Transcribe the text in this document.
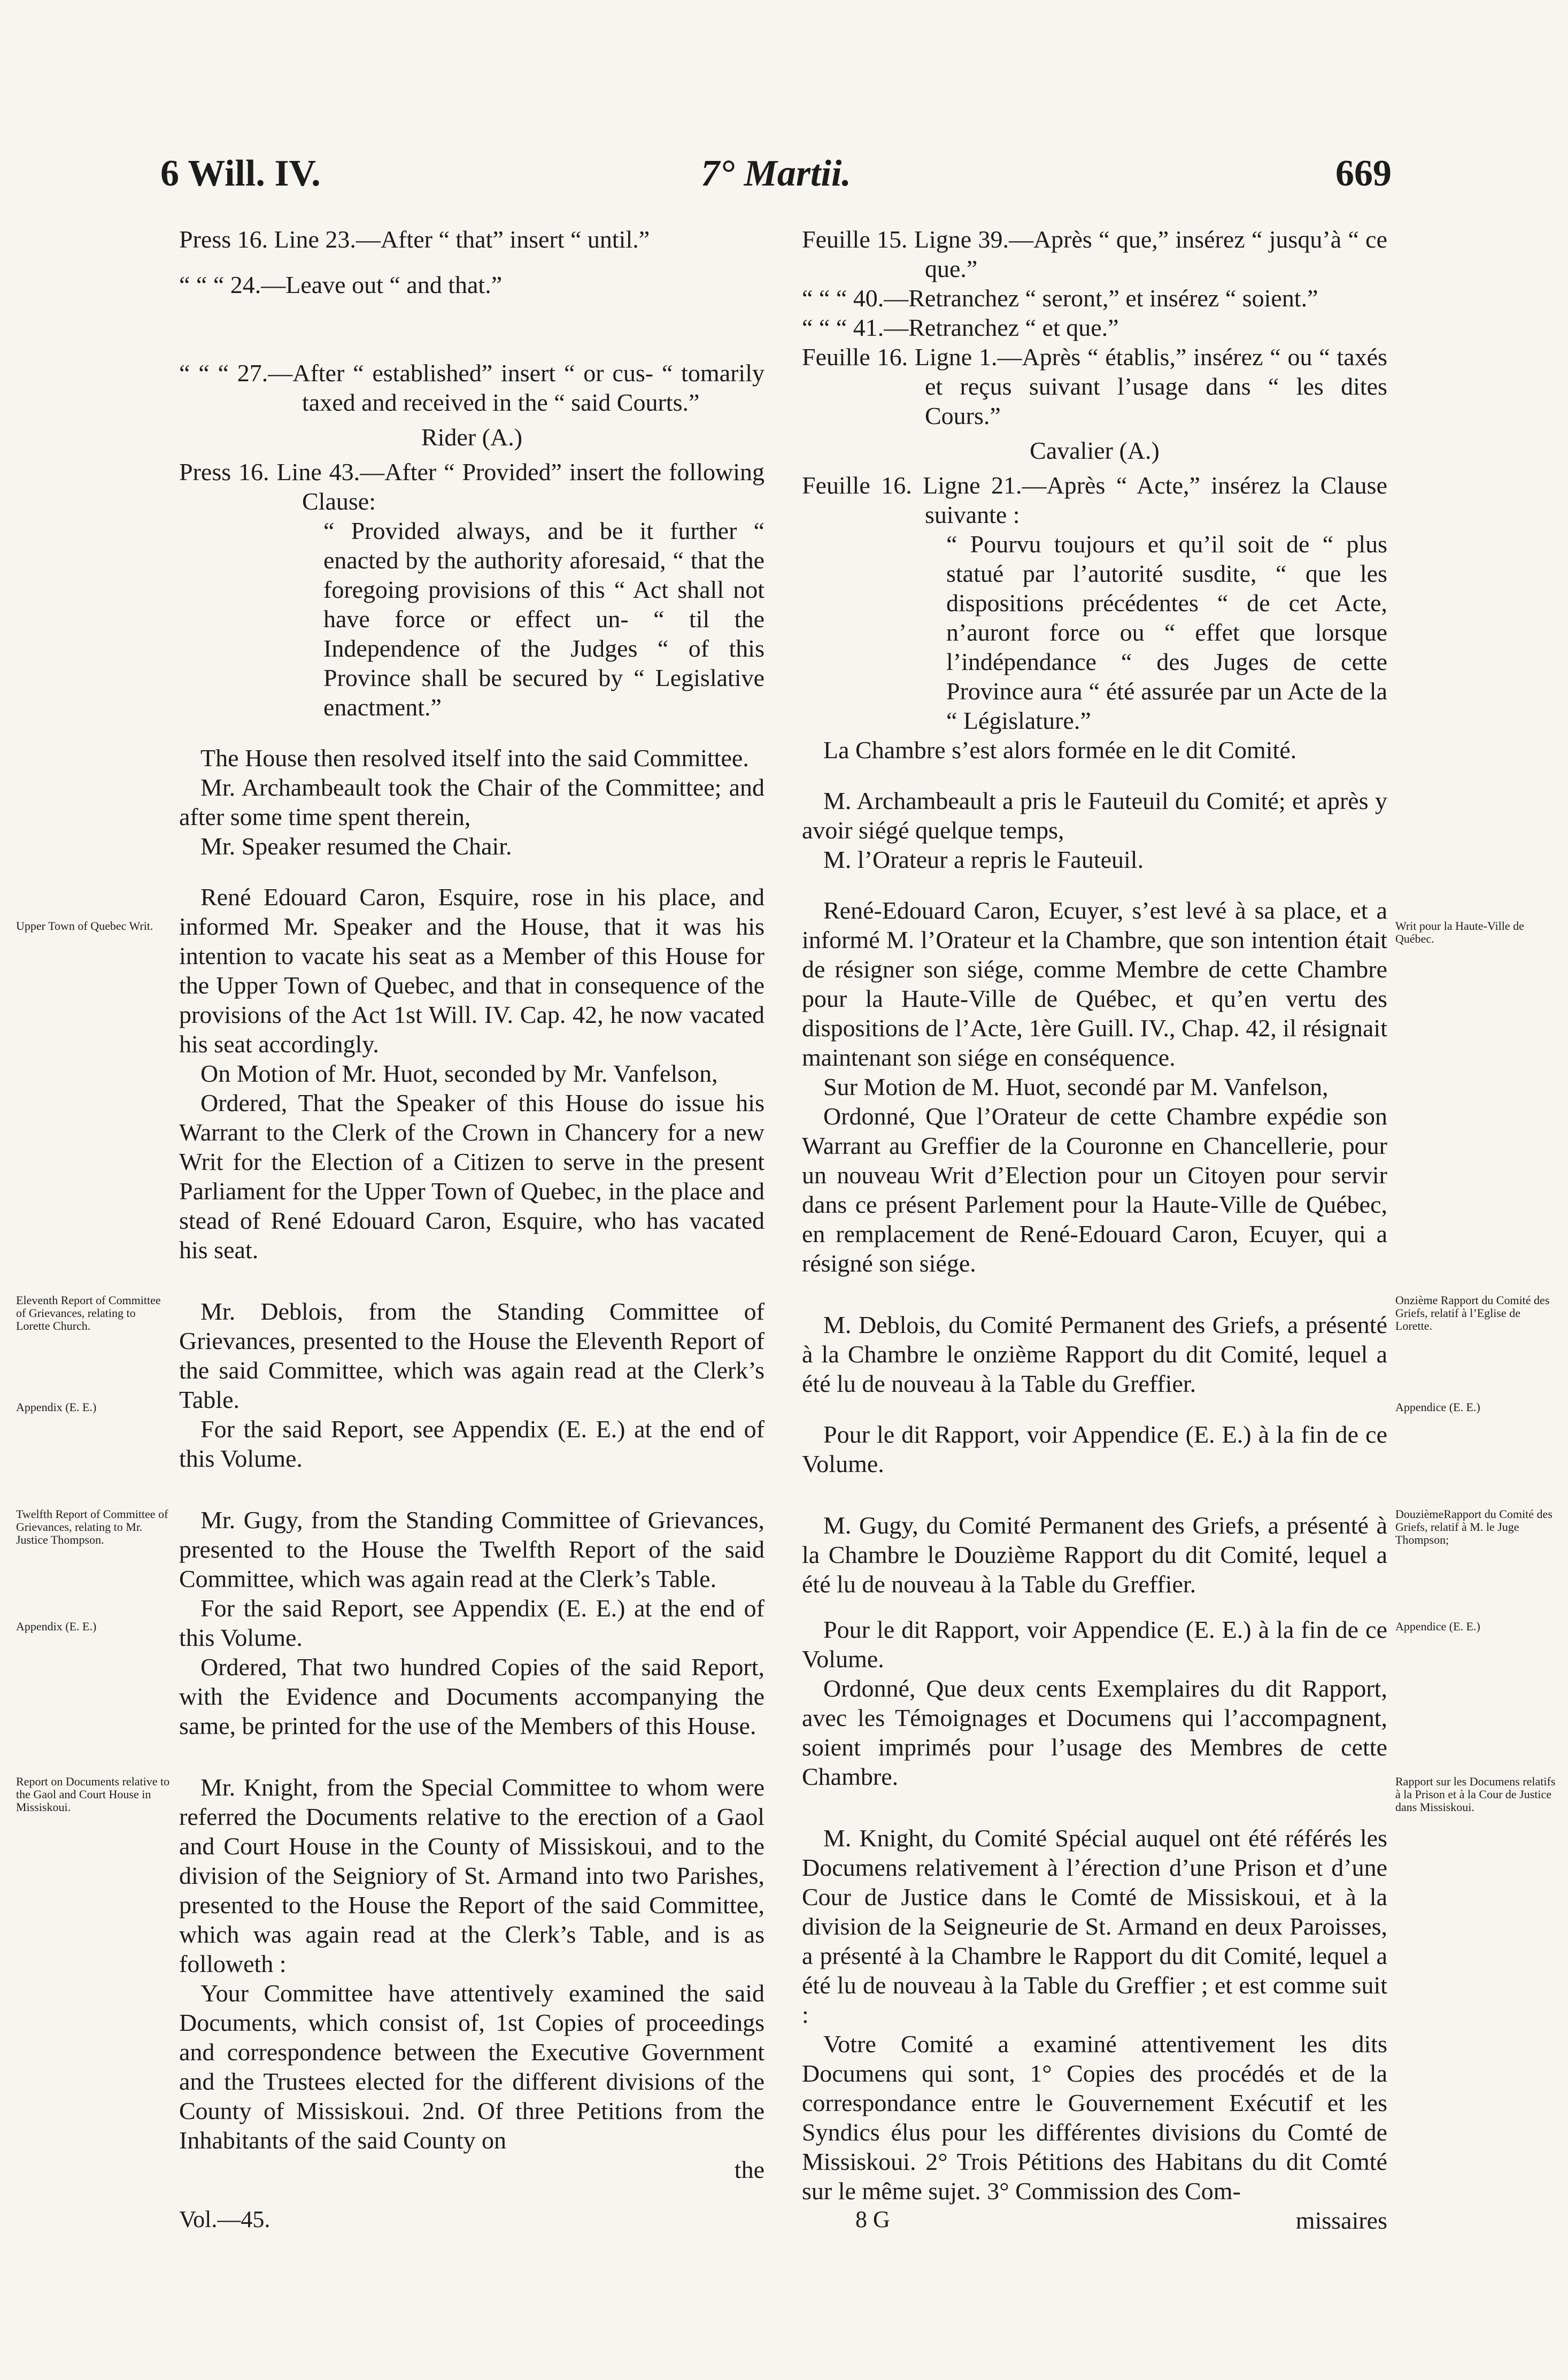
6 Will. IV.	7° Martii.	669

Press 16. Line 23.—After “ that” insert “ until.”

“ “ “ 24.—Leave out “ and that.”

“ “ “ 27.—After “ established” insert “ or cus- “ tomarily taxed and received in the “ said Courts.”

Rider (A.)

Press 16. Line 43.—After “ Provided” insert the following Clause:

“ Provided always, and be it further “ enacted by the authority aforesaid, “ that the foregoing provisions of this “ Act shall not have force or effect un- “ til the Independence of the Judges “ of this Province shall be secured by “ Legislative enactment.”

The House then resolved itself into the said Committee.

Mr. Archambeault took the Chair of the Committee; and after some time spent therein,

Mr. Speaker resumed the Chair.

René Edouard Caron, Esquire, rose in his place, and informed Mr. Speaker and the House, that it was his intention to vacate his seat as a Member of this House for the Upper Town of Quebec, and that in consequence of the provisions of the Act 1st Will. IV. Cap. 42, he now vacated his seat accordingly.

On Motion of Mr. Huot, seconded by Mr. Vanfelson,

Ordered, That the Speaker of this House do issue his Warrant to the Clerk of the Crown in Chancery for a new Writ for the Election of a Citizen to serve in the present Parliament for the Upper Town of Quebec, in the place and stead of René Edouard Caron, Esquire, who has vacated his seat.

Mr. Deblois, from the Standing Committee of Grievances, presented to the House the Eleventh Report of the said Committee, which was again read at the Clerk’s Table.

For the said Report, see Appendix (E. E.) at the end of this Volume.

Mr. Gugy, from the Standing Committee of Grievances, presented to the House the Twelfth Report of the said Committee, which was again read at the Clerk’s Table.

For the said Report, see Appendix (E. E.) at the end of this Volume.

Ordered, That two hundred Copies of the said Report, with the Evidence and Documents accompanying the same, be printed for the use of the Members of this House.

Mr. Knight, from the Special Committee to whom were referred the Documents relative to the erection of a Gaol and Court House in the County of Missiskoui, and to the division of the Seigniory of St. Armand into two Parishes, presented to the House the Report of the said Committee, which was again read at the Clerk’s Table, and is as followeth :

Your Committee have attentively examined the said Documents, which consist of, 1st Copies of proceedings and correspondence between the Executive Government and the Trustees elected for the different divisions of the County of Missiskoui. 2nd. Of three Petitions from the Inhabitants of the said County on

the

Feuille 15. Ligne 39.—Après “ que,” insérez “ jusqu’à “ ce que.”

“ “ “ 40.—Retranchez “ seront,” et insérez “ soient.”

“ “ “ 41.—Retranchez “ et que.”

Feuille 16. Ligne 1.—Après “ établis,” insérez “ ou “ taxés et reçus suivant l’usage dans “ les dites Cours.”

Cavalier (A.)

Feuille 16. Ligne 21.—Après “ Acte,” insérez la Clause suivante :

“ Pourvu toujours et qu’il soit de “ plus statué par l’autorité susdite, “ que les dispositions précédentes “ de cet Acte, n’auront force ou “ effet que lorsque l’indépendance “ des Juges de cette Province aura “ été assurée par un Acte de la “ Législature.”

La Chambre s’est alors formée en le dit Comité.

M. Archambeault a pris le Fauteuil du Comité; et après y avoir siégé quelque temps,

M. l’Orateur a repris le Fauteuil.

René-Edouard Caron, Ecuyer, s’est levé à sa place, et a informé M. l’Orateur et la Chambre, que son intention était de résigner son siége, comme Membre de cette Chambre pour la Haute-Ville de Québec, et qu’en vertu des dispositions de l’Acte, 1ère Guill. IV., Chap. 42, il résignait maintenant son siége en conséquence.

Sur Motion de M. Huot, secondé par M. Vanfelson,

Ordonné, Que l’Orateur de cette Chambre expédie son Warrant au Greffier de la Couronne en Chancellerie, pour un nouveau Writ d’Election pour un Citoyen pour servir dans ce présent Parlement pour la Haute-Ville de Québec, en remplacement de René-Edouard Caron, Ecuyer, qui a résigné son siége.

M. Deblois, du Comité Permanent des Griefs, a présenté à la Chambre le onzième Rapport du dit Comité, lequel a été lu de nouveau à la Table du Greffier.

Pour le dit Rapport, voir Appendice (E. E.) à la fin de ce Volume.

M. Gugy, du Comité Permanent des Griefs, a présenté à la Chambre le Douzième Rapport du dit Comité, lequel a été lu de nouveau à la Table du Greffier.

Pour le dit Rapport, voir Appendice (E. E.) à la fin de ce Volume.

Ordonné, Que deux cents Exemplaires du dit Rapport, avec les Témoignages et Documens qui l’accompagnent, soient imprimés pour l’usage des Membres de cette Chambre.

M. Knight, du Comité Spécial auquel ont été référés les Documens relativement à l’érection d’une Prison et d’une Cour de Justice dans le Comté de Missiskoui, et à la division de la Seigneurie de St. Armand en deux Paroisses, a présenté à la Chambre le Rapport du dit Comité, lequel a été lu de nouveau à la Table du Greffier ; et est comme suit :

Votre Comité a examiné attentivement les dits Documens qui sont, 1° Copies des procédés et de la correspondance entre le Gouvernement Exécutif et les Syndics élus pour les différentes divisions du Comté de Missiskoui. 2° Trois Pétitions des Habitans du dit Comté sur le même sujet. 3° Commission des Com-

missaires

Upper Town of Quebec Writ.
Eleventh Report of Committee of Grievances, relating to Lorette Church.
Appendix (E. E.)
Twelfth Report of Committee of Grievances, relating to Mr. Justice Thompson.
Appendix (E. E.)
Report on Documents relative to the Gaol and Court House in Missiskoui.
Writ pour la Haute-Ville de Québec.
Onzième Rapport du Comité des Griefs, relatif à l’Eglise de Lorette.
Appendice (E. E.)
DouzièmeRapport du Comité des Griefs, relatif à M. le Juge Thompson;
Appendice (E. E.)
Rapport sur les Documens relatifs à la Prison et à la Cour de Justice dans Missiskoui.
Vol.—45.	8 G
